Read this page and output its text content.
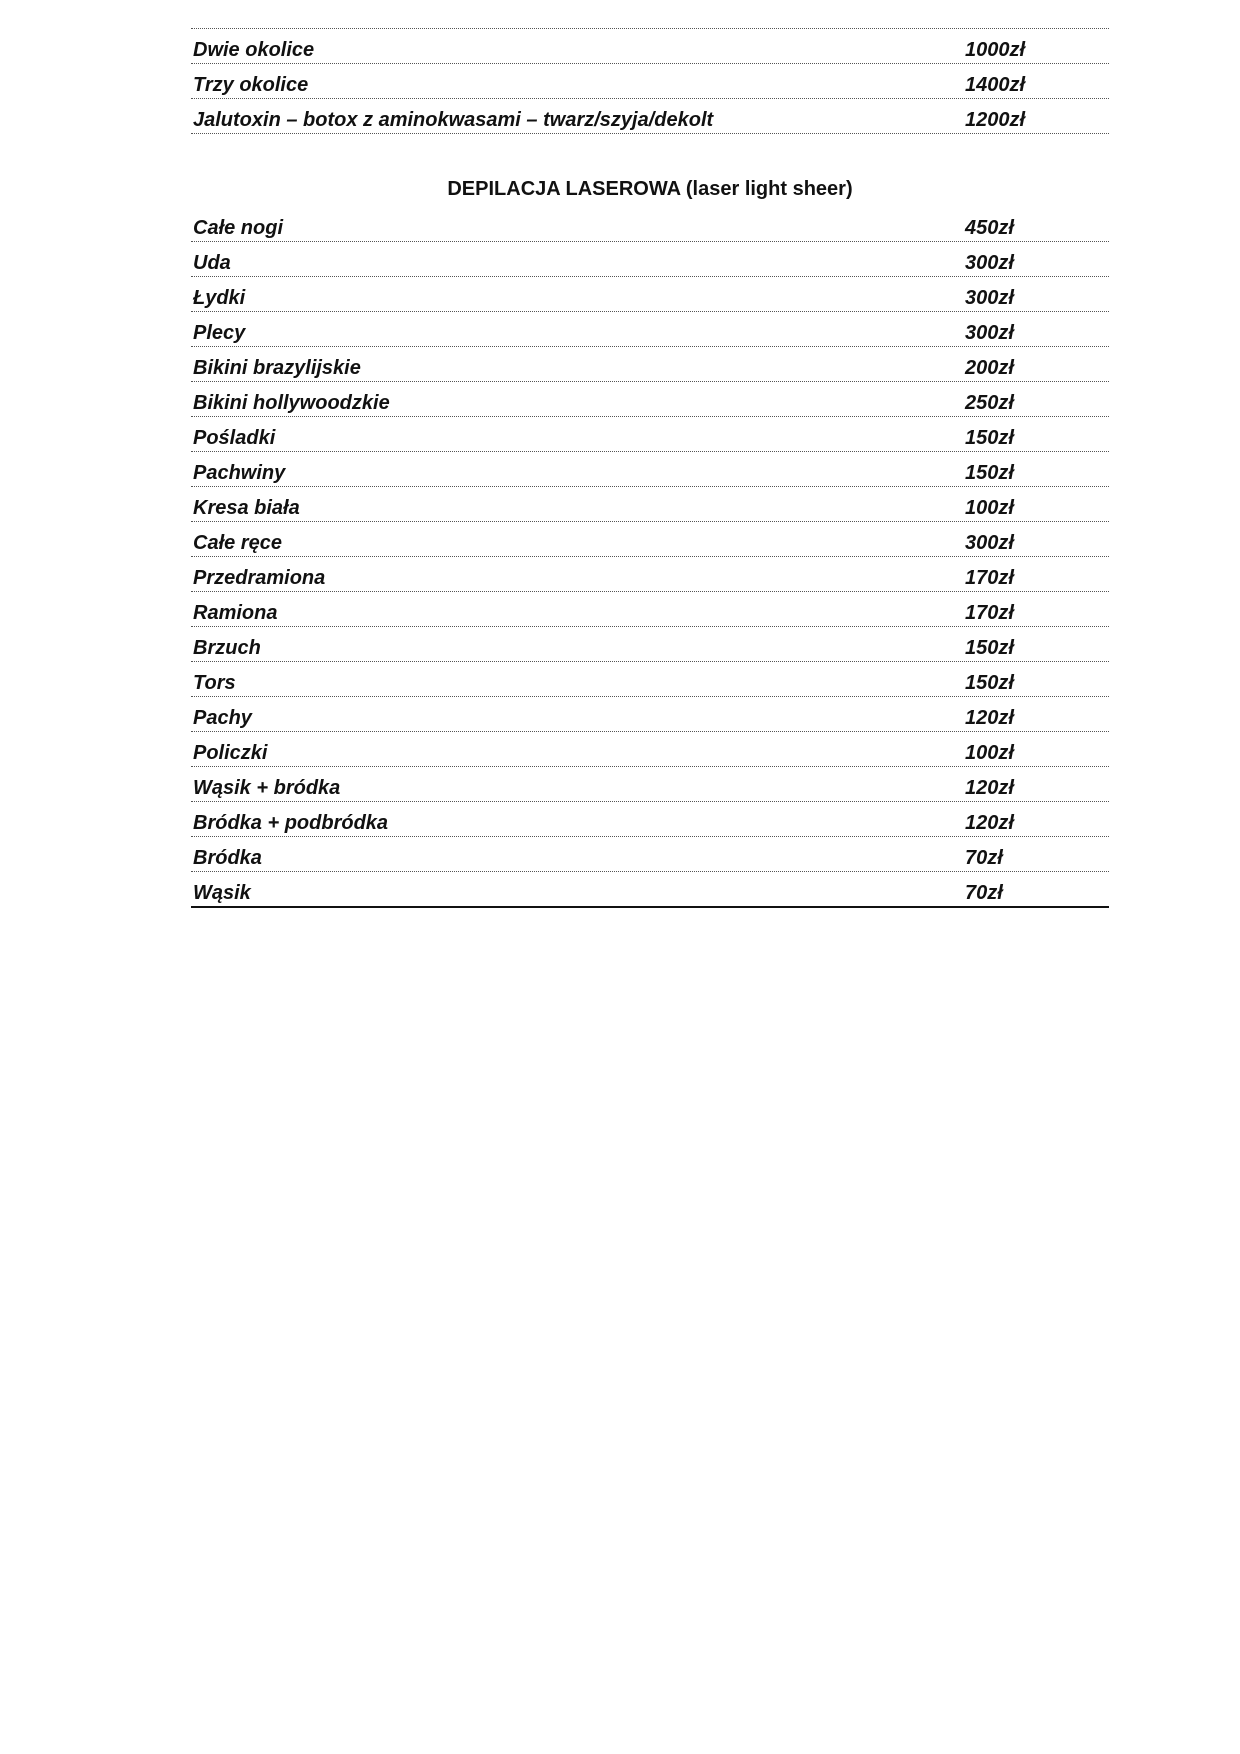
Dwie okolice	1000zł
Trzy okolice	1400zł
Jalutoxin – botox z aminokwasami – twarz/szyja/dekolt	1200zł
DEPILACJA LASEROWA (laser light sheer)
Całe nogi	450zł
Uda	300zł
Łydki	300zł
Plecy	300zł
Bikini brazylijskie	200zł
Bikini hollywoodzkie	250zł
Pośladki	150zł
Pachwiny	150zł
Kresa biała	100zł
Całe ręce	300zł
Przedramiona	170zł
Ramiona	170zł
Brzuch	150zł
Tors	150zł
Pachy	120zł
Policzki	100zł
Wąsik + bródka	120zł
Bródka + podbródka	120zł
Bródka	70zł
Wąsik	70zł
